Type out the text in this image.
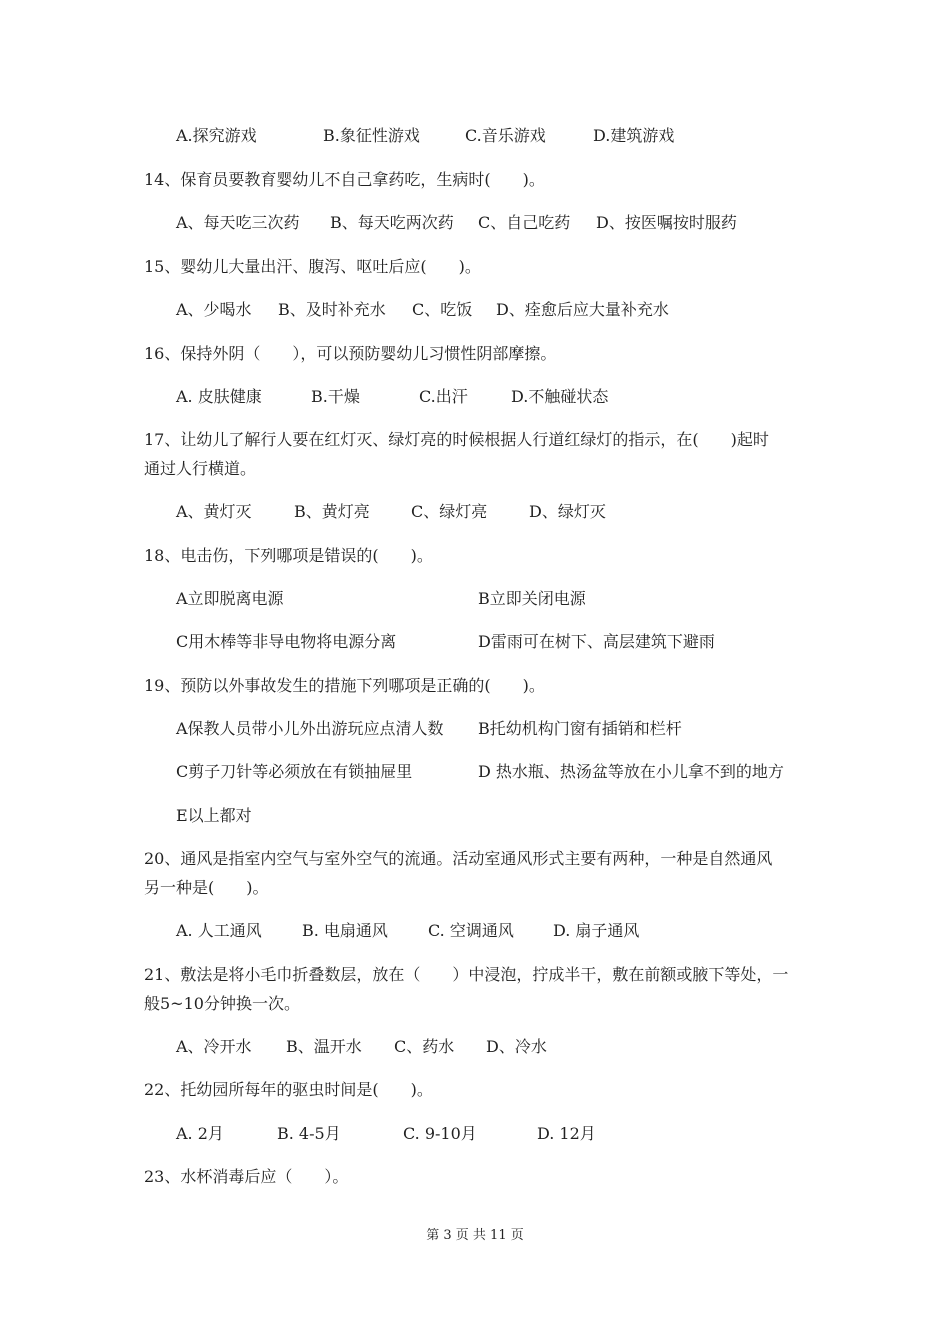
A.探究游戏	B.象征性游戏	C.音乐游戏	D.建筑游戏
14、保育员要教育婴幼儿不自己拿药吃，生病时(　　)。
A、每天吃三次药 B、每天吃两次药 C、自己吃药 D、按医嘱按时服药
15、婴幼儿大量出汗、腹泻、呕吐后应(　　)。
A、少喝水 B、及时补充水 C、吃饭 D、痊愈后应大量补充水
16、保持外阴（　　），可以预防婴幼儿习惯性阴部摩擦。
A. 皮肤健康	B.干燥	C.出汗	D.不触碰状态
17、让幼儿了解行人要在红灯灭、绿灯亮的时候根据人行道红绿灯的指示，在(　　)起时
通过人行横道。
A、黄灯灭	B、黄灯亮	C、绿灯亮	D、绿灯灭
18、电击伤，下列哪项是错误的(　　)。
A立即脱离电源	B立即关闭电源
C用木棒等非导电物将电源分离	D雷雨可在树下、高层建筑下避雨
19、预防以外事故发生的措施下列哪项是正确的(　　)。
A保教人员带小儿外出游玩应点清人数 B托幼机构门窗有插销和栏杆
C剪子刀针等必须放在有锁抽屉里	D 热水瓶、热汤盆等放在小儿拿不到的地方
E以上都对
20、通风是指室内空气与室外空气的流通。活动室通风形式主要有两种，一种是自然通风
另一种是(　　)。
A. 人工通风	B. 电扇通风	C. 空调通风 D. 扇子通风
21、敷法是将小毛巾折叠数层，放在（　　）中浸泡，拧成半干，敷在前额或腋下等处，一
般5~10分钟换一次。
A、冷开水 B、温开水 C、药水 D、冷水
22、托幼园所每年的驱虫时间是(　　)。
A. 2月	B. 4-5月	C. 9-10月	D. 12月
23、水杯消毒后应（　　）。
第 3 页 共 11 页
